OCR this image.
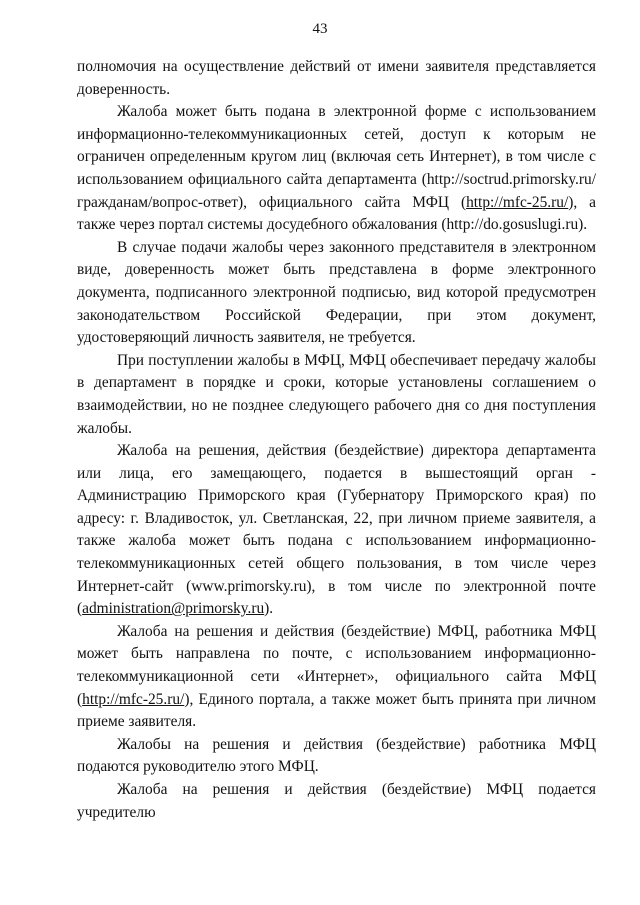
43

полномочия на осуществление действий от имени заявителя представляется доверенность.

Жалоба может быть подана в электронной форме с использованием информационно-телекоммуникационных сетей, доступ к которым не ограничен определенным кругом лиц (включая сеть Интернет), в том числе с использованием официального сайта департамента (http://soctrud.primorsky.ru/гражданам/вопрос-ответ), официального сайта МФЦ (http://mfc-25.ru/), а также через портал системы досудебного обжалования (http://do.gosuslugi.ru).

В случае подачи жалобы через законного представителя в электронном виде, доверенность может быть представлена в форме электронного документа, подписанного электронной подписью, вид которой предусмотрен законодательством Российской Федерации, при этом документ, удостоверяющий личность заявителя, не требуется.

При поступлении жалобы в МФЦ, МФЦ обеспечивает передачу жалобы в департамент в порядке и сроки, которые установлены соглашением о взаимодействии, но не позднее следующего рабочего дня со дня поступления жалобы.

Жалоба на решения, действия (бездействие) директора департамента или лица, его замещающего, подается в вышестоящий орган - Администрацию Приморского края (Губернатору Приморского края) по адресу: г. Владивосток, ул. Светланская, 22, при личном приеме заявителя, а также жалоба может быть подана с использованием информационно-телекоммуникационных сетей общего пользования, в том числе через Интернет-сайт (www.primorsky.ru), в том числе по электронной почте (administration@primorsky.ru).

Жалоба на решения и действия (бездействие) МФЦ, работника МФЦ может быть направлена по почте, с использованием информационно-телекоммуникационной сети «Интернет», официального сайта МФЦ (http://mfc-25.ru/), Единого портала, а также может быть принята при личном приеме заявителя.

Жалобы на решения и действия (бездействие) работника МФЦ подаются руководителю этого МФЦ.

Жалоба на решения и действия (бездействие) МФЦ подается учредителю
